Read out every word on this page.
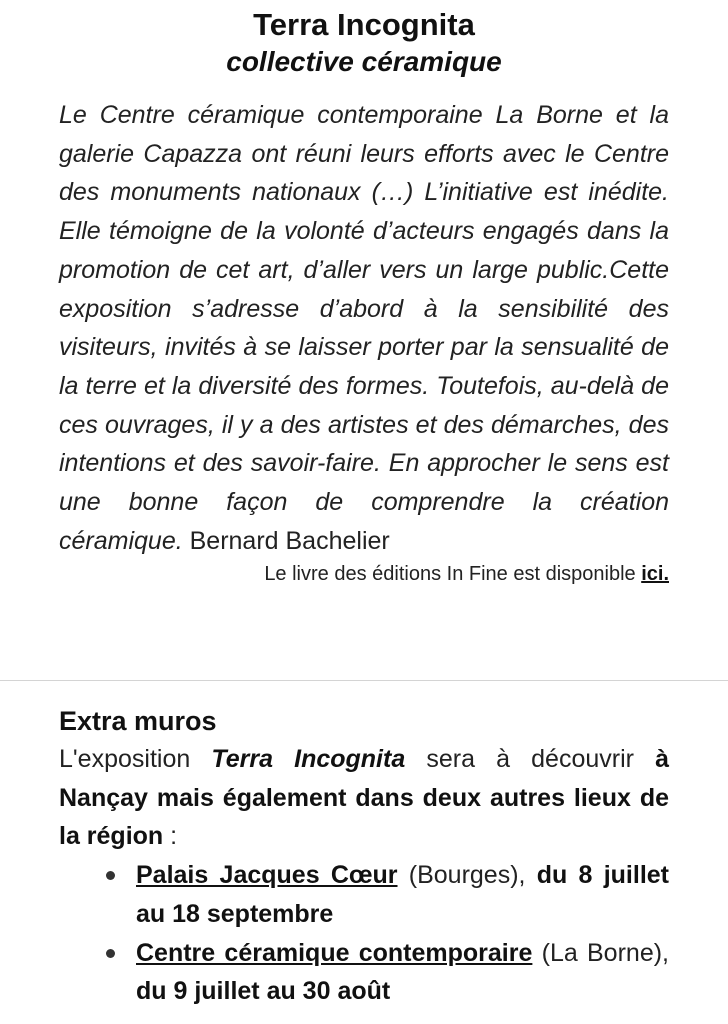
Terra Incognita
collective céramique

Le Centre céramique contemporaine La Borne et la galerie Capazza ont réuni leurs efforts avec le Centre des monuments nationaux (…) L’initiative est inédite. Elle témoigne de la volonté d’acteurs engagés dans la promotion de cet art, d’aller vers un large public.Cette exposition s’adresse d’abord à la sensibilité des visiteurs, invités à se laisser porter par la sensualité de la terre et la diversité des formes. Toutefois, au-delà de ces ouvrages, il y a des artistes et des démarches, des intentions et des savoir-faire. En approcher le sens est une bonne façon de comprendre la création céramique. Bernard Bachelier

Le livre des éditions In Fine est disponible ici.
Extra muros

L'exposition Terra Incognita sera à découvrir à Nançay mais également dans deux autres lieux de la région :

Palais Jacques Cœur (Bourges), du 8 juillet au 18 septembre
Centre céramique contemporaire (La Borne), du 9 juillet au 30 août
